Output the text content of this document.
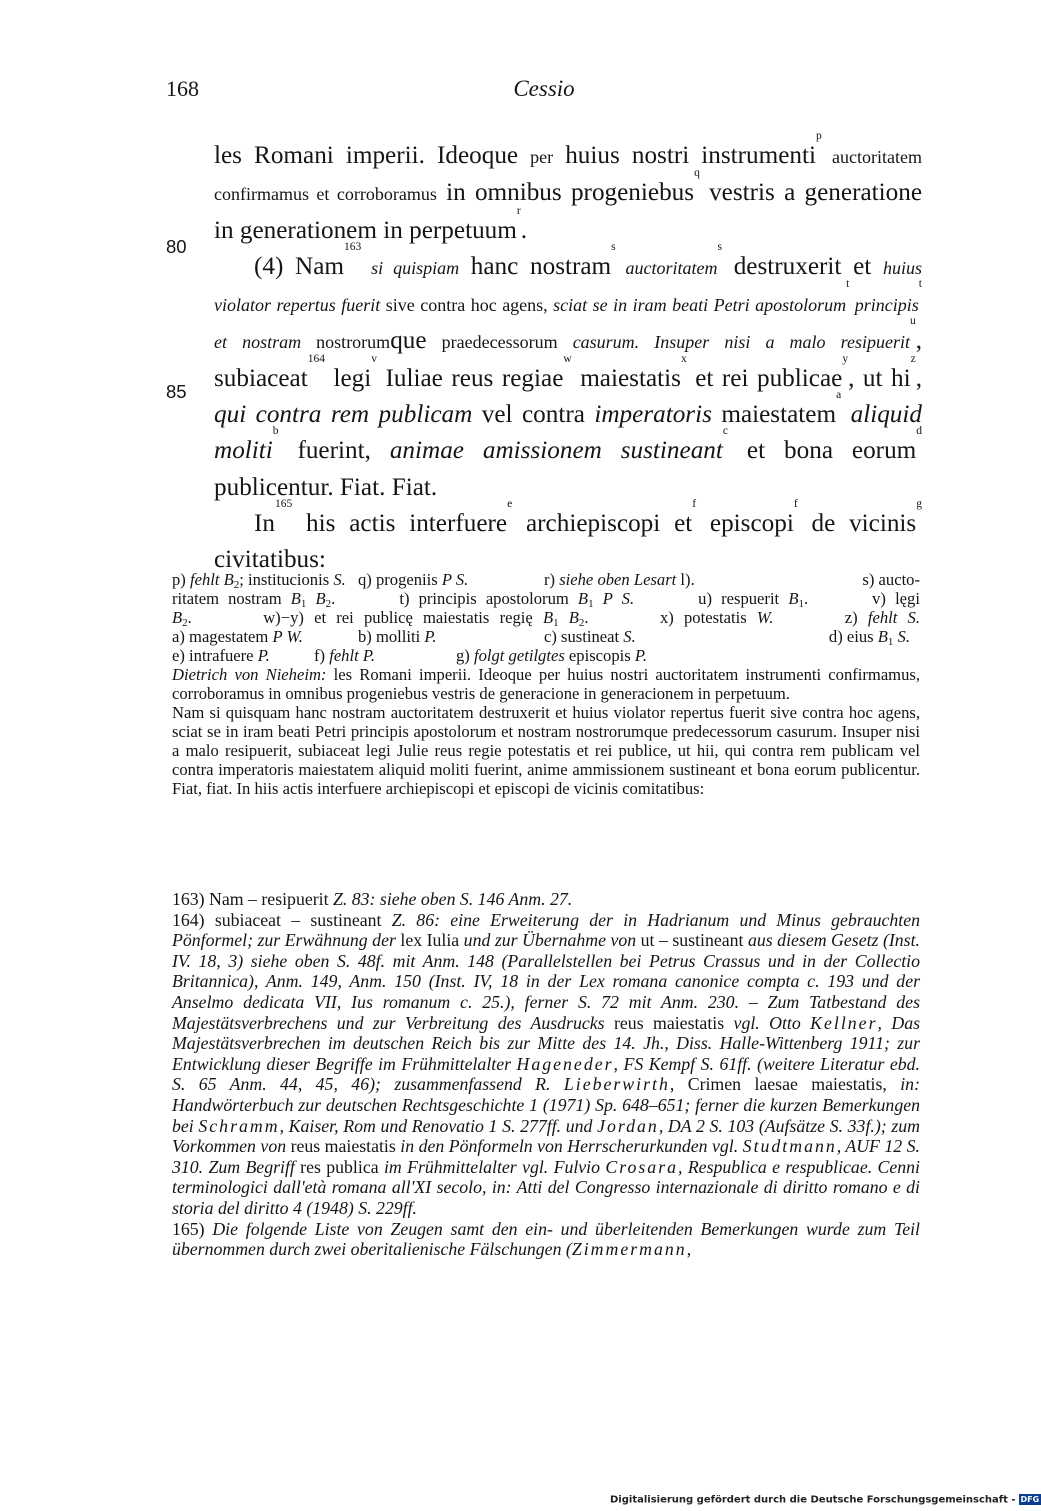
168	Cessio
80
85

les Romani imperii. Ideoque per huius nostri instrumenti$^p$ auctoritatem confirmamus et corroboramus in omnibus progeniebus$^q$ vestris a generatione in generationem in perpetuum$^r$.

(4) Nam$^{163}$ si quispiam hanc nostram$^s$ auctoritatem$^s$ destruxerit et huius violator repertus fuerit sive contra hoc agens, sciat se in iram beati Petri apostolorum$^t$ principis$^t$ et nostram nostrorumque praedecessorum casurum. Insuper nisi a malo resipuerit$^u$, subiaceat$^{164}$ legi$^v$ Iuliae reus regiae$^w$ maiestatis$^x$ et rei publicae$^y$, ut $hi^z$, qui contra rem publicam vel contra imperatoris maiestatem$^a$ aliquid moliti$^b$ fuerint, animae amissionem sustineant$^c$ et bona eorum$^d$ publicentur. Fiat. Fiat.

In$^{165}$ his actis interfuere$^e$ archiepiscopi $et^f$ episcopi$^f$ de vicinis$^g$ civitatibus:

p) fehlt $B_2$; institucionis S. q) progeniis P S.	r) siehe oben Lesart l).	s) aucto-

ritatem nostram $B_1$ $B_2$.	t) principis apostolorum $B_1$ P S.	u) respuerit $B_1$.	v) lęgi

$B_2$.	w)−y) et rei publicę maiestatis regię $B_1$ $B_2$.	x) potestatis W.	z) fehlt S.

a) magestatem P W.	b) molliti P.	c) sustineat S.	d) eius $B_1$ S.
e) intrafuere P.	f) fehlt P.	g) folgt getilgtes episcopis P.

Dietrich von Nieheim: les Romani imperii. Ideoque per huius nostri auctoritatem instrumenti confirmamus, corroboramus in omnibus progeniebus vestris de generacione in generacionem in perpetuum.

Nam si quisquam hanc nostram auctoritatem destruxerit et huius violator repertus fuerit sive contra hoc agens, sciat se in iram beati Petri principis apostolorum et nostram nostrorumque predecessorum casurum. Insuper nisi a malo resipuerit, subiaceat legi Julie reus regie potestatis et rei publice, ut hii, qui contra rem publicam vel contra imperatoris maiestatem aliquid moliti fuerint, anime ammissionem sustineant et bona eorum publicentur. Fiat, fiat. In hiis actis interfuere archiepiscopi et episcopi de vicinis comitatibus:

163) Nam – resipuerit Z. 83: siehe oben S. 146 Anm. 27.

164) subiaceat – sustineant Z. 86: eine Erweiterung der in Hadrianum und Minus gebrauchten Pönformel; zur Erwähnung der lex Iulia und zur Übernahme von ut – sustineant aus diesem Gesetz (Inst. IV. 18, 3) siehe oben S. 48f. mit Anm. 148 (Parallelstellen bei Petrus Crassus und in der Collectio Britannica), Anm. 149, Anm. 150 (Inst. IV, 18 in der Lex romana canonice compta c. 193 und der Anselmo dedicata VII, Ius romanum c. 25.), ferner S. 72 mit Anm. 230. – Zum Tatbestand des Majestätsverbrechens und zur Verbreitung des Ausdrucks reus maiestatis vgl. Otto Kellner, Das Majestätsverbrechen im deutschen Reich bis zur Mitte des 14. Jh., Diss. Halle-Wittenberg 1911; zur Entwicklung dieser Begriffe im Frühmittelalter Hageneder, FS Kempf S. 61ff. (weitere Literatur ebd. S. 65 Anm. 44, 45, 46); zusammenfassend R. Lieberwirth, Crimen laesae maiestatis, in: Handwörterbuch zur deutschen Rechtsgeschichte 1 (1971) Sp. 648–651; ferner die kurzen Bemerkungen bei Schramm, Kaiser, Rom und Renovatio 1 S. 277ff. und Jordan, DA 2 S. 103 (Aufsätze S. 33f.); zum Vorkommen von reus maiestatis in den Pönformeln von Herrscherurkunden vgl. Studtmann, AUF 12 S. 310. Zum Begriff res publica im Frühmittelalter vgl. Fulvio Crosara, Respublica e respublicae. Cenni terminologici dall'età romana all'XI secolo, in: Atti del Congresso internazionale di diritto romano e di storia del diritto 4 (1948) S. 229ff.

165) Die folgende Liste von Zeugen samt den ein- und überleitenden Bemerkungen wurde zum Teil übernommen durch zwei oberitalienische Fälschungen (Zimmermann,

Digitalisierung gefördert durch die Deutsche Forschungsgemeinschaft - DFG
